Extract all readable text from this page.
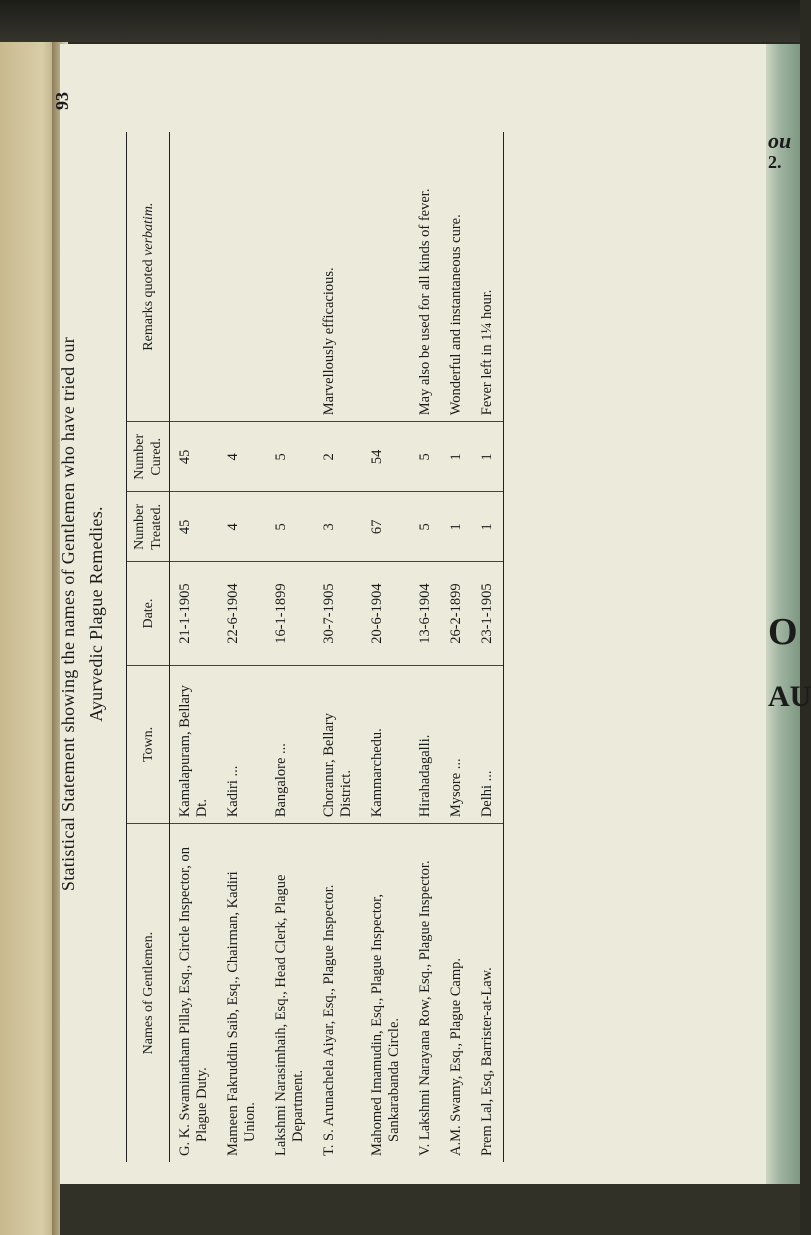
ou
2.
O
AU
93
Statistical Statement showing the names of Gentlemen who have tried our Ayurvedic Plague Remedies.
Names of Gentlemen.	Town.	Date.	Number Treated.	Number Cured.	Remarks quoted verbatim.
G. K. Swaminatham Pillay, Esq., Circle Inspector, on Plague Duty.	Kamalapuram, Bellary Dt.	21-1-1905	45	45	
Mameen Fakruddin Saib, Esq., Chairman, Kadiri Union.	Kadiri ...	22-6-1904	4	4	
Lakshmi Narasimhaih, Esq., Head Clerk, Plague Department.	Bangalore ...	16-1-1899	5	5	
T. S. Arunachela Aiyar, Esq., Plague Inspector.	Choranur, Bellary District.	30-7-1905	3	2	Marvellously efficacious.
Mahomed Imamudin, Esq., Plague Inspector, Sankarabanda Circle.	Kammarchedu.	20-6-1904	67	54	
V. Lakshmi Narayana Row, Esq., Plague Inspector.	Hirahadagalli.	13-6-1904	5	5	May also be used for all kinds of fever.
A.M. Swamy, Esq., Plague Camp.	Mysore ...	26-2-1899	1	1	Wonderful and instantaneous cure.
Prem Lal, Esq, Barrister-at-Law.	Delhi ...	23-1-1905	1	1	Fever left in 1¼ hour.
